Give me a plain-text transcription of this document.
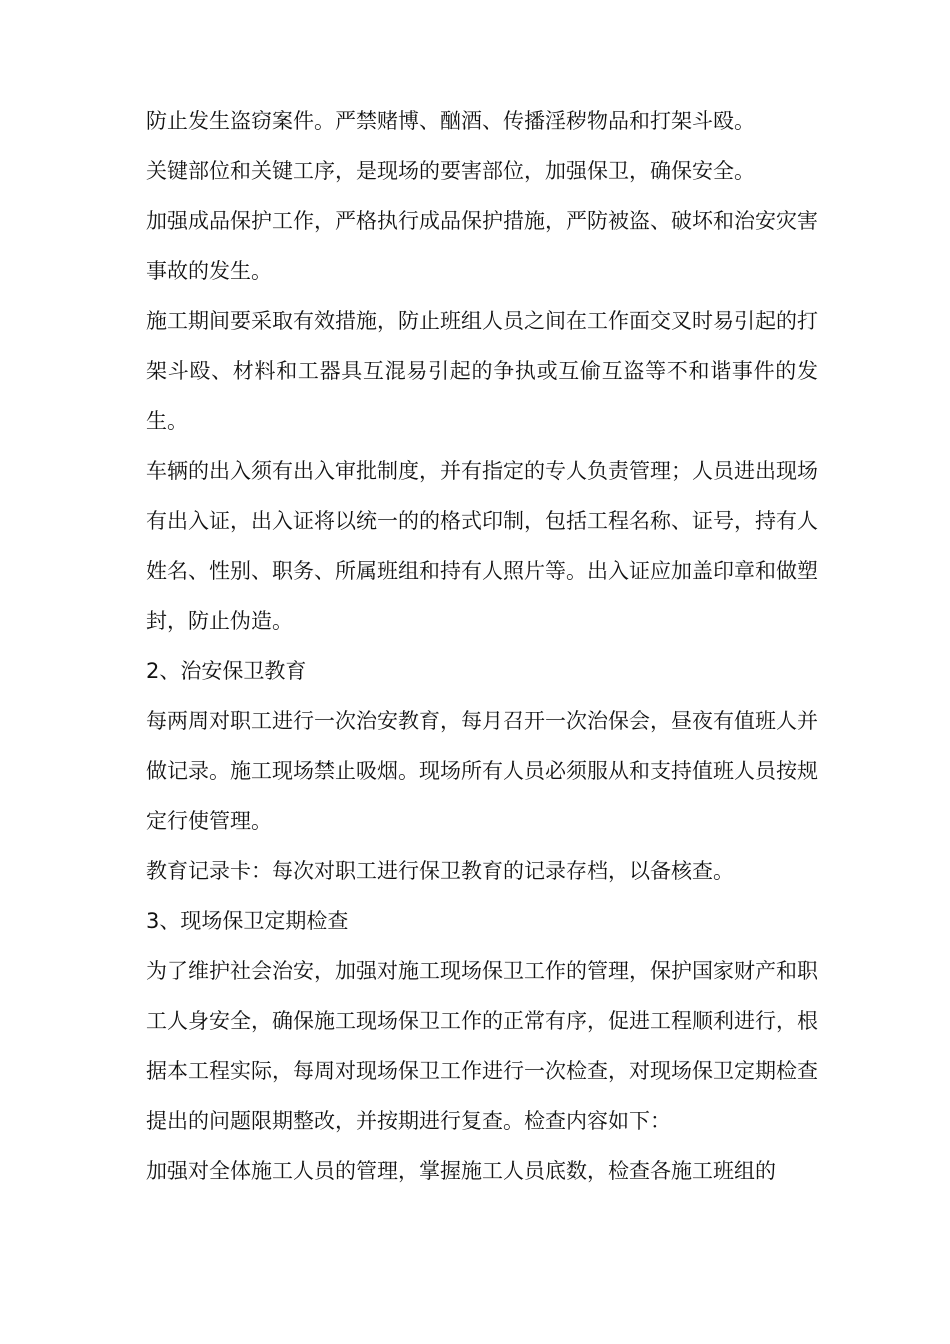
防止发生盗窃案件。严禁赌博、酗酒、传播淫秽物品和打架斗殴。

关键部位和关键工序，是现场的要害部位，加强保卫，确保安全。

加强成品保护工作，严格执行成品保护措施，严防被盗、破坏和治安灾害事故的发生。

施工期间要采取有效措施，防止班组人员之间在工作面交叉时易引起的打架斗殴、材料和工器具互混易引起的争执或互偷互盗等不和谐事件的发生。

车辆的出入须有出入审批制度，并有指定的专人负责管理；人员进出现场有出入证，出入证将以统一的的格式印制，包括工程名称、证号，持有人姓名、性别、职务、所属班组和持有人照片等。出入证应加盖印章和做塑封，防止伪造。

2、治安保卫教育

每两周对职工进行一次治安教育，每月召开一次治保会，昼夜有值班人并做记录。施工现场禁止吸烟。现场所有人员必须服从和支持值班人员按规定行使管理。

教育记录卡：每次对职工进行保卫教育的记录存档，以备核查。

3、现场保卫定期检查

为了维护社会治安，加强对施工现场保卫工作的管理，保护国家财产和职工人身安全，确保施工现场保卫工作的正常有序，促进工程顺利进行，根据本工程实际，每周对现场保卫工作进行一次检查，对现场保卫定期检查提出的问题限期整改，并按期进行复查。检查内容如下：

加强对全体施工人员的管理，掌握施工人员底数，检查各施工班组的
